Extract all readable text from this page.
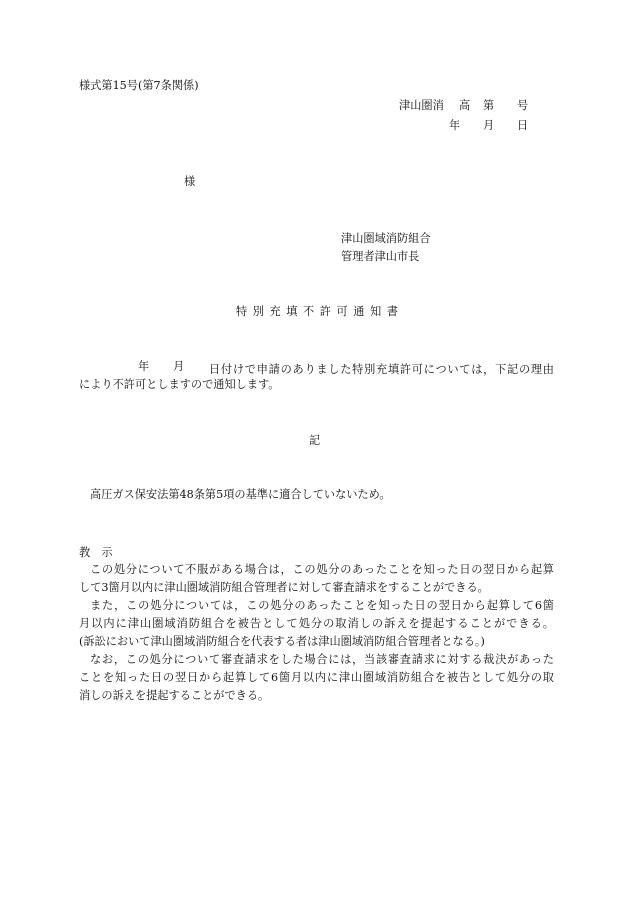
様式第15号(第7条関係)
津山圏消 高 第 号
年 月 日
様
津山圏域消防組合
管理者津山市長
特 別 充 填 不 許 可 通 知 書
年 月 日付けで申請のありました特別充填許可については，下記の理由
により不許可としますので通知します。
記
高圧ガス保安法第48条第5項の基準に適合していないため。
教　示
この処分について不服がある場合は，この処分のあったことを知った日の翌日から起算
して3箇月以内に津山圏域消防組合管理者に対して審査請求をすることができる。
また，この処分については，この処分のあったことを知った日の翌日から起算して6箇
月以内に津山圏域消防組合を被告として処分の取消しの訴えを提起することができる。
(訴訟において津山圏域消防組合を代表する者は津山圏域消防組合管理者となる。)
なお，この処分について審査請求をした場合には，当該審査請求に対する裁決があった
ことを知った日の翌日から起算して6箇月以内に津山圏域消防組合を被告として処分の取
消しの訴えを提起することができる。
